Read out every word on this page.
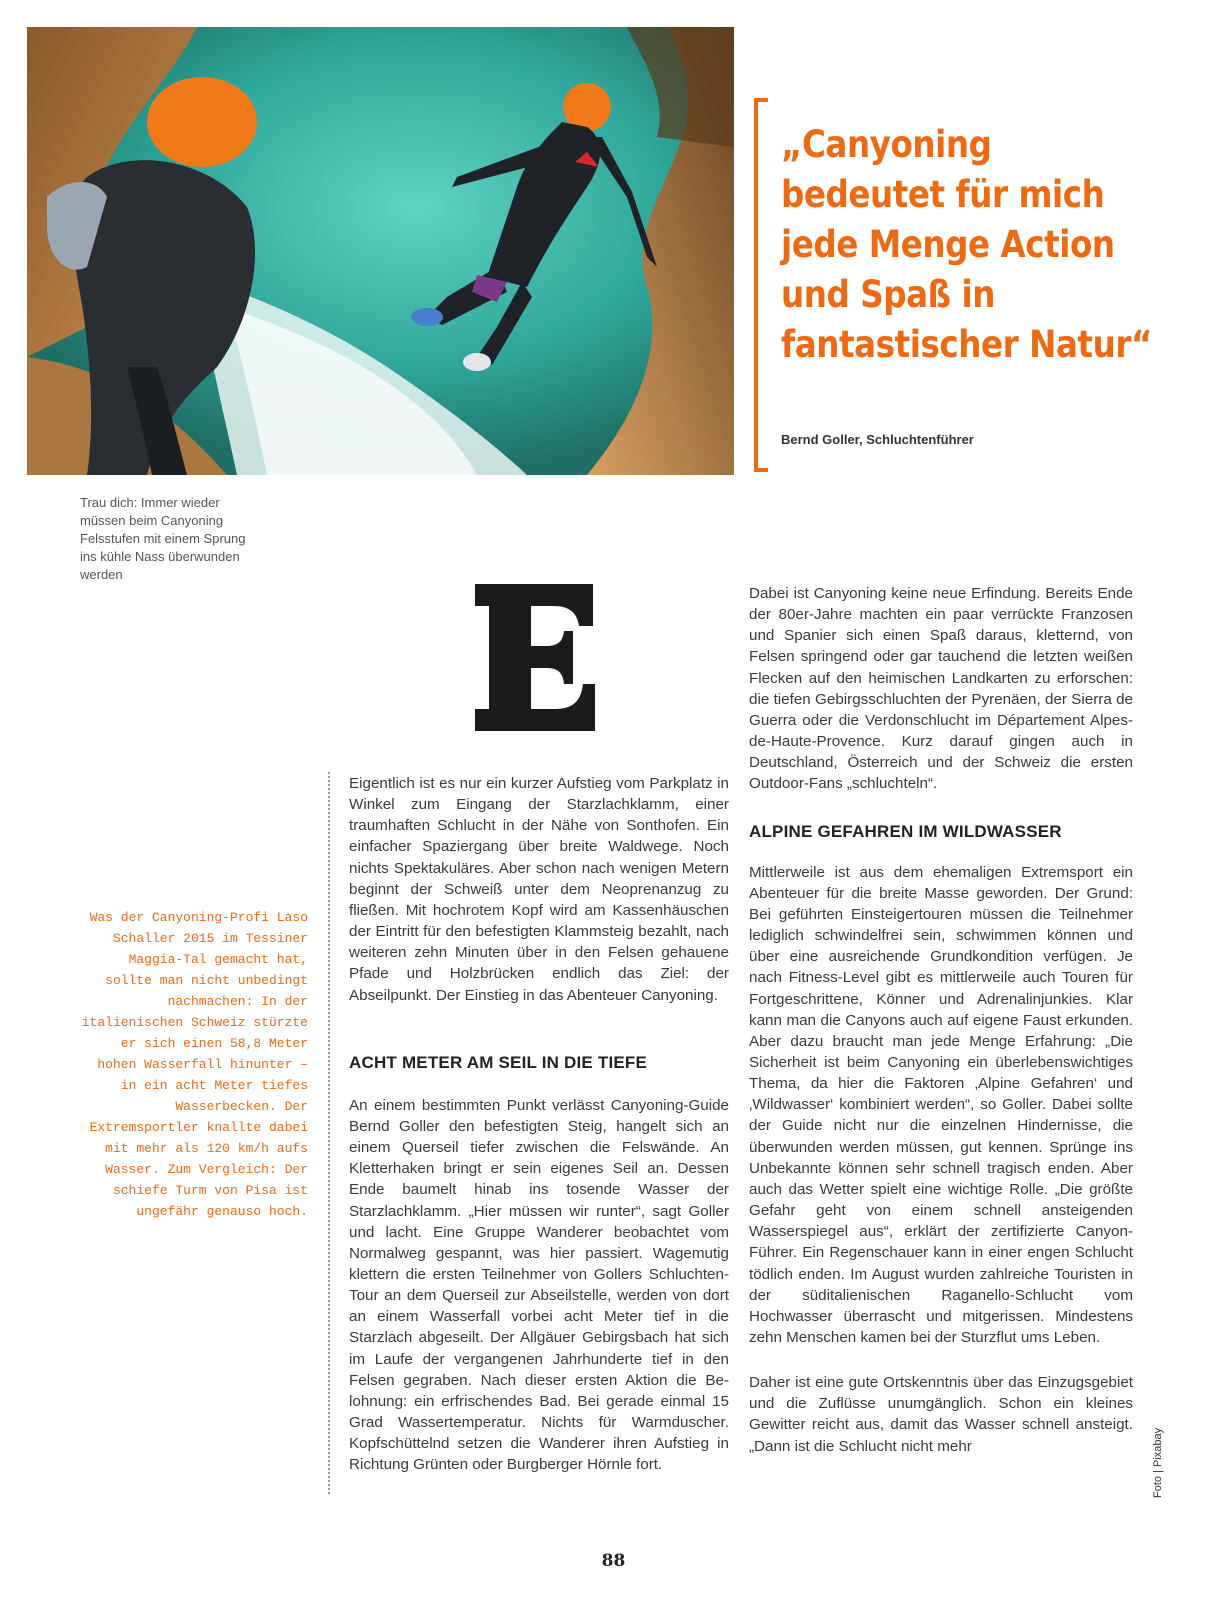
„Canyoning bedeutet für mich jede Menge Action und Spaß in fantastischer Natur“

Bernd Goller, Schluchtenführer

Trau dich: Immer wieder müssen beim Canyoning Felsstufen mit einem Sprung ins kühle Nass überwunden werden

Was der Canyoning-Profi Laso Schaller 2015 im Tessiner Maggia-Tal gemacht hat, sollte man nicht unbedingt nachmachen: In der italienischen Schweiz stürzte er sich einen 58,8 Meter hohen Wasserfall hinunter – in ein acht Meter tiefes Wasserbecken. Der Extremsportler knallte dabei mit mehr als 120 km/h aufs Wasser. Zum Vergleich: Der schiefe Turm von Pisa ist ungefähr genauso hoch.

Eigentlich ist es nur ein kurzer Aufstieg vom Parkplatz in Winkel zum Eingang der Starzlachklamm, einer traumhaften Schlucht in der Nähe von Sonthofen. Ein einfacher Spaziergang über breite Waldwege. Noch nichts Spektakuläres. Aber schon nach wenigen Metern beginnt der Schweiß unter dem Neoprenanzug zu fließen. Mit hochrotem Kopf wird am Kassenhäuschen der Eintritt für den befestigten Klammsteig bezahlt, nach weiteren zehn Minuten über in den Felsen gehauene Pfade und Holzbrücken endlich das Ziel: der Abseilpunkt. Der Einstieg in das Abenteuer Canyoning.

ACHT METER AM SEIL IN DIE TIEFE

An einem bestimmten Punkt verlässt Canyoning-Guide Bernd Goller den befestigten Steig, hangelt sich an einem Querseil tiefer zwischen die Felswände. An Kletterhaken bringt er sein eigenes Seil an. Dessen Ende baumelt hinab ins tosende Wasser der Starzlachklamm. „Hier müssen wir runter“, sagt Goller und lacht. Eine Gruppe Wanderer beobachtet vom Normalweg gespannt, was hier passiert. Wagemutig klettern die ersten Teilnehmer von Gollers Schluchten-Tour an dem Querseil zur Abseilstelle, werden von dort an einem Wasserfall vorbei acht Meter tief in die Starzlach abgeseilt. Der Allgäuer Gebirgsbach hat sich im Laufe der vergangenen Jahrhunderte tief in den Felsen gegraben. Nach dieser ersten Aktion die Belohnung: ein erfrischendes Bad. Bei gerade einmal 15 Grad Wassertemperatur. Nichts für Warmduscher. Kopfschüttelnd setzen die Wanderer ihren Aufstieg in Richtung Grünten oder Burgberger Hörnle fort.

Dabei ist Canyoning keine neue Erfindung. Bereits Ende der 80er-Jahre machten ein paar verrückte Franzosen und Spanier sich einen Spaß daraus, kletternd, von Felsen springend oder gar tauchend die letzten weißen Flecken auf den heimischen Landkarten zu erforschen: die tiefen Gebirgsschluchten der Pyrenäen, der Sierra de Guerra oder die Verdonschlucht im Département Alpes-de-Haute-Provence. Kurz darauf gingen auch in Deutschland, Österreich und der Schweiz die ersten Outdoor-Fans „schluchteln“.

ALPINE GEFAHREN IM WILDWASSER

Mittlerweile ist aus dem ehemaligen Extremsport ein Abenteuer für die breite Masse geworden. Der Grund: Bei geführten Einsteigertouren müssen die Teilnehmer lediglich schwindelfrei sein, schwimmen können und über eine ausreichende Grundkondition verfügen. Je nach Fitness-Level gibt es mittlerweile auch Touren für Fortgeschrittene, Könner und Adrenalinjunkies. Klar kann man die Canyons auch auf eigene Faust erkunden. Aber dazu braucht man jede Menge Erfahrung: „Die Sicherheit ist beim Canyoning ein überlebenswichtiges Thema, da hier die Faktoren ‚Alpine Gefahren‘ und ‚Wildwasser‘ kombiniert werden“, so Goller. Dabei sollte der Guide nicht nur die einzelnen Hindernisse, die überwunden werden müssen, gut kennen. Sprünge ins Unbekannte können sehr schnell tragisch enden. Aber auch das Wetter spielt eine wichtige Rolle. „Die größte Gefahr geht von einem schnell ansteigenden Wasserspiegel aus“, erklärt der zertifizierte Canyon-Führer. Ein Regenschauer kann in einer engen Schlucht tödlich enden. Im August wurden zahlreiche Touristen in der süditalienischen Raganello-Schlucht vom Hochwasser überrascht und mitgerissen. Mindestens zehn Menschen kamen bei der Sturzflut ums Leben.

Daher ist eine gute Ortskenntnis über das Einzugsgebiet und die Zuflüsse unumgänglich. Schon ein kleines Gewitter reicht aus, damit das Wasser schnell ansteigt. „Dann ist die Schlucht nicht mehr	Foto | Pixabay

88
